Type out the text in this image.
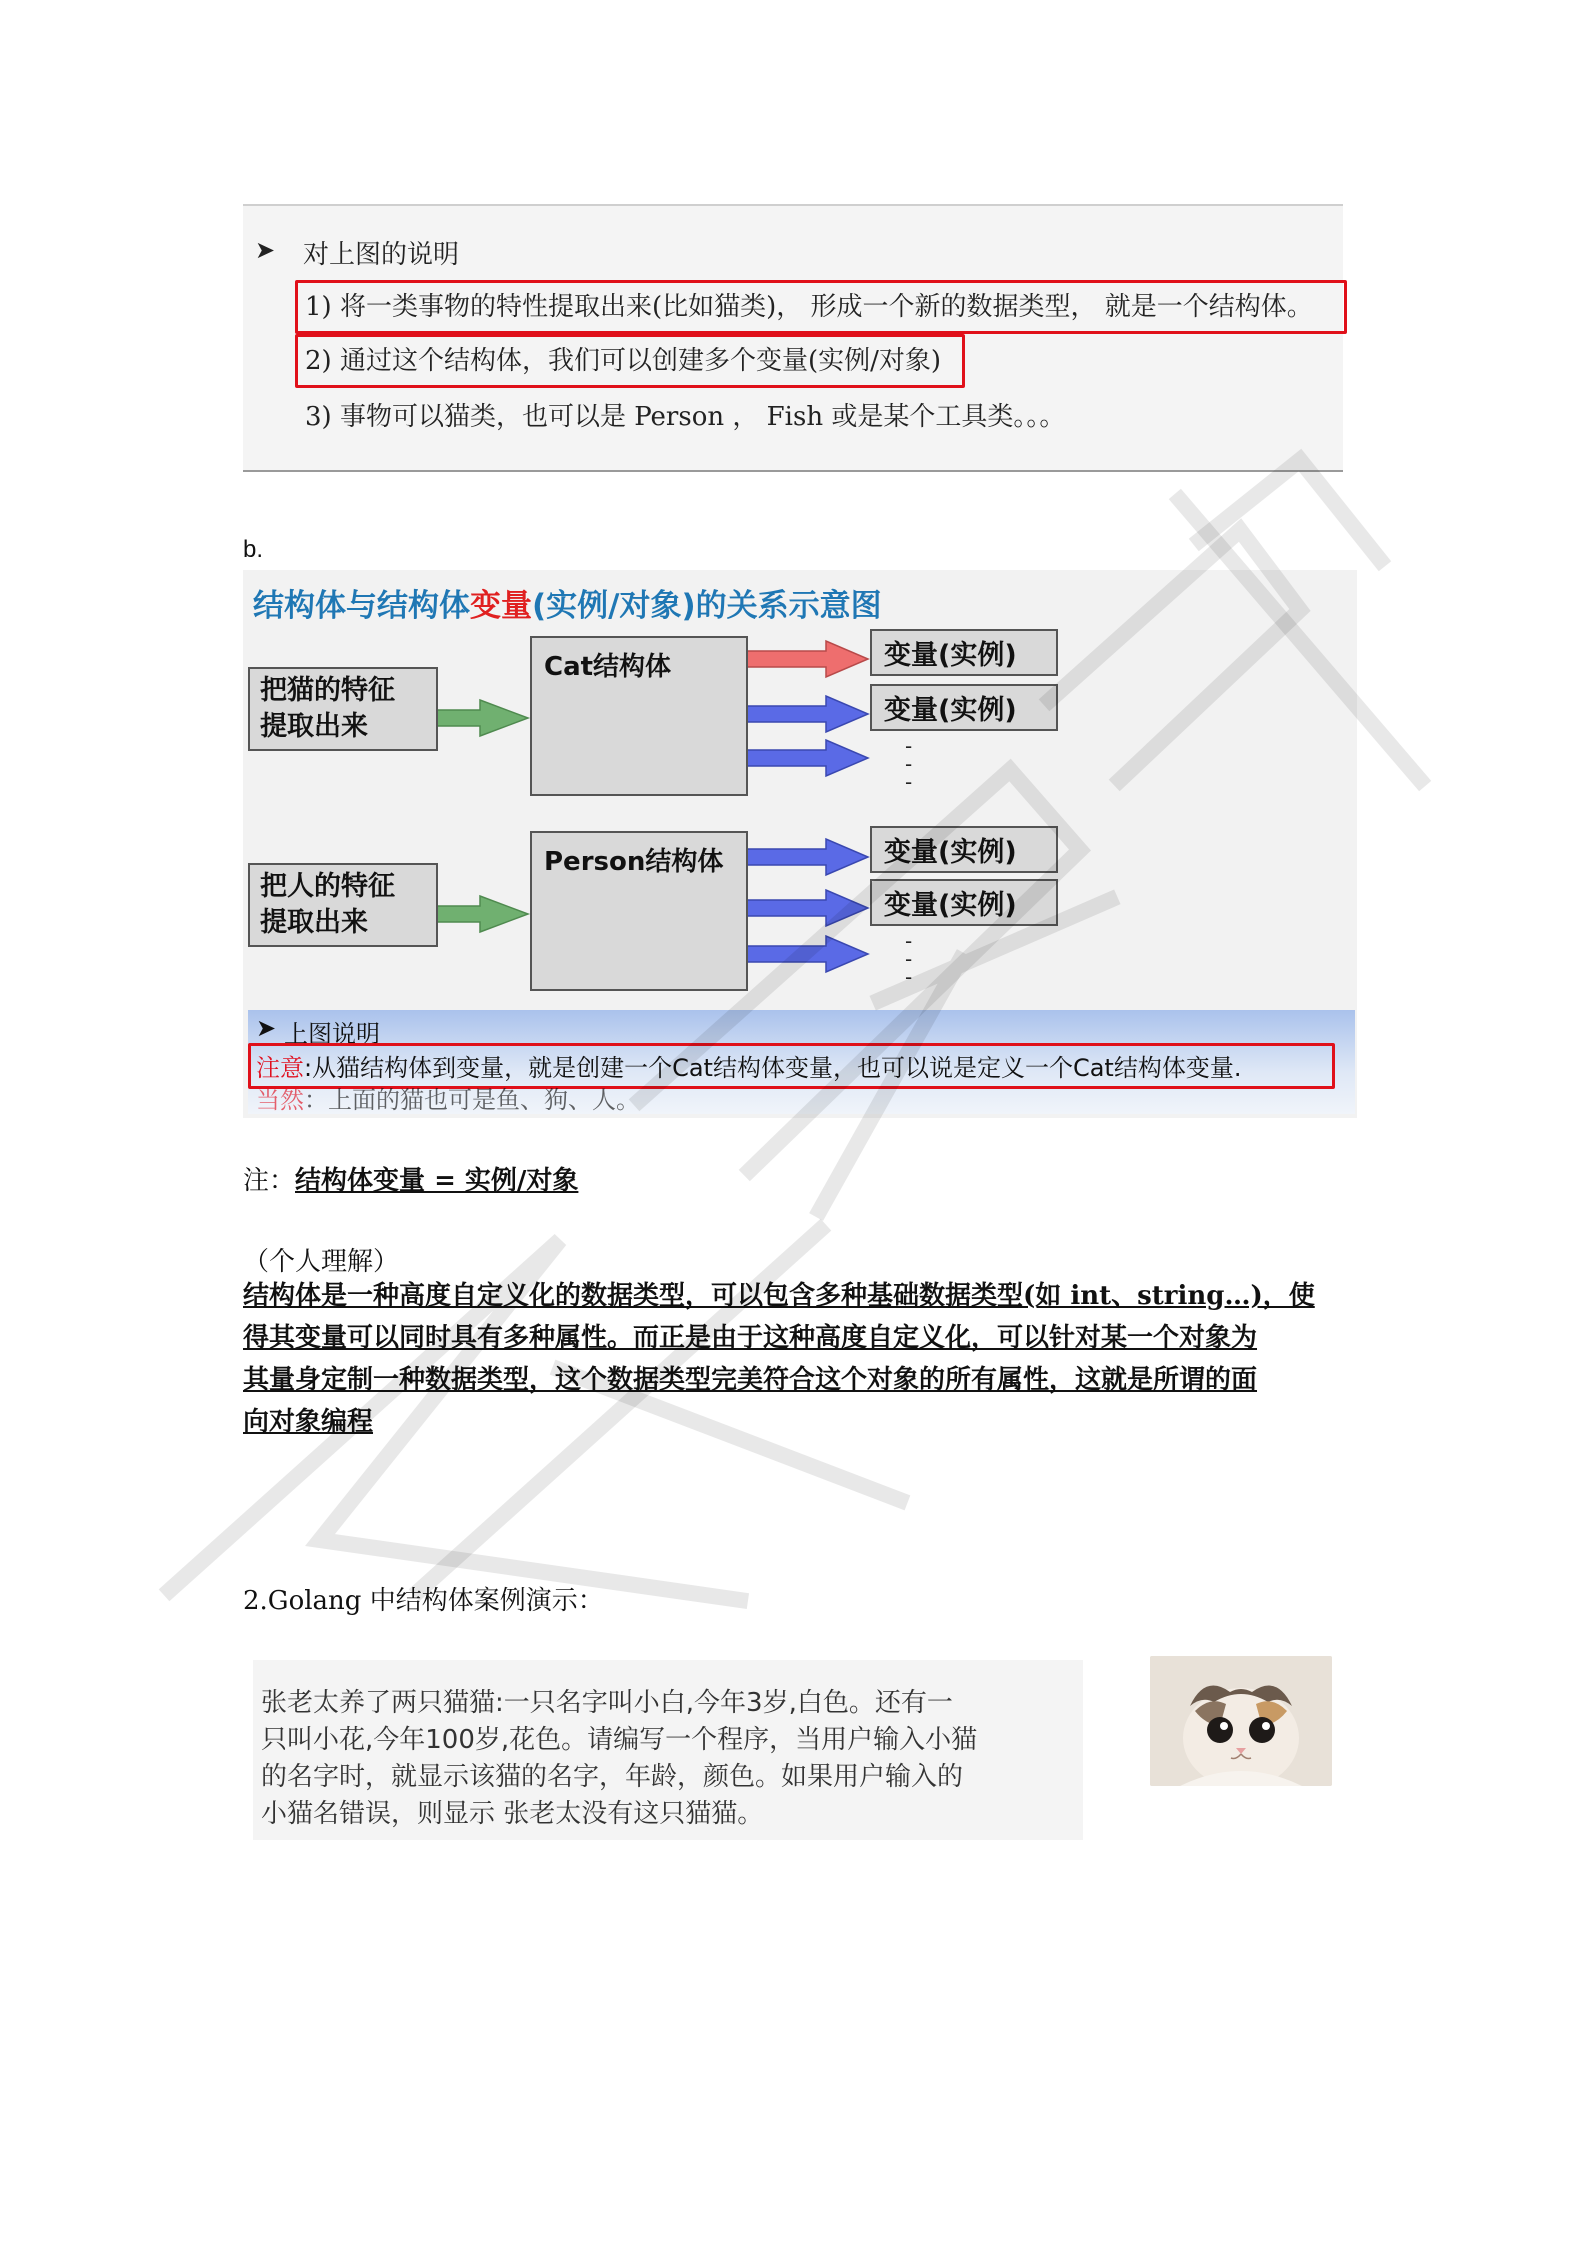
➤ 对上图的说明
1) 将一类事物的特性提取出来(比如猫类)， 形成一个新的数据类型， 就是一个结构体。
2) 通过这个结构体，我们可以创建多个变量(实例/对象)
3) 事物可以猫类，也可以是 Person ， Fish 或是某个工具类。。。
b.
结构体与结构体变量(实例/对象)的关系示意图
把猫的特征
提取出来
Cat结构体	变量(实例)
变量(实例)
-
-
-
把人的特征
提取出来
Person结构体	变量(实例)
变量(实例)
-
-
-
➤ 上图说明
注意:从猫结构体到变量，就是创建一个Cat结构体变量，也可以说是定义一个Cat结构体变量.
当然：上面的猫也可是鱼、狗、人。
注：结构体变量 = 实例/对象
（个人理解）
结构体是一种高度自定义化的数据类型，可以包含多种基础数据类型(如 int、string…)，使
得其变量可以同时具有多种属性。而正是由于这种高度自定义化，可以针对某一个对象为
其量身定制一种数据类型，这个数据类型完美符合这个对象的所有属性，这就是所谓的面
向对象编程
2.Golang 中结构体案例演示：
张老太养了两只猫猫:一只名字叫小白,今年3岁,白色。还有一
只叫小花,今年100岁,花色。请编写一个程序，当用户输入小猫
的名字时，就显示该猫的名字，年龄，颜色。如果用户输入的
小猫名错误，则显示 张老太没有这只猫猫。
